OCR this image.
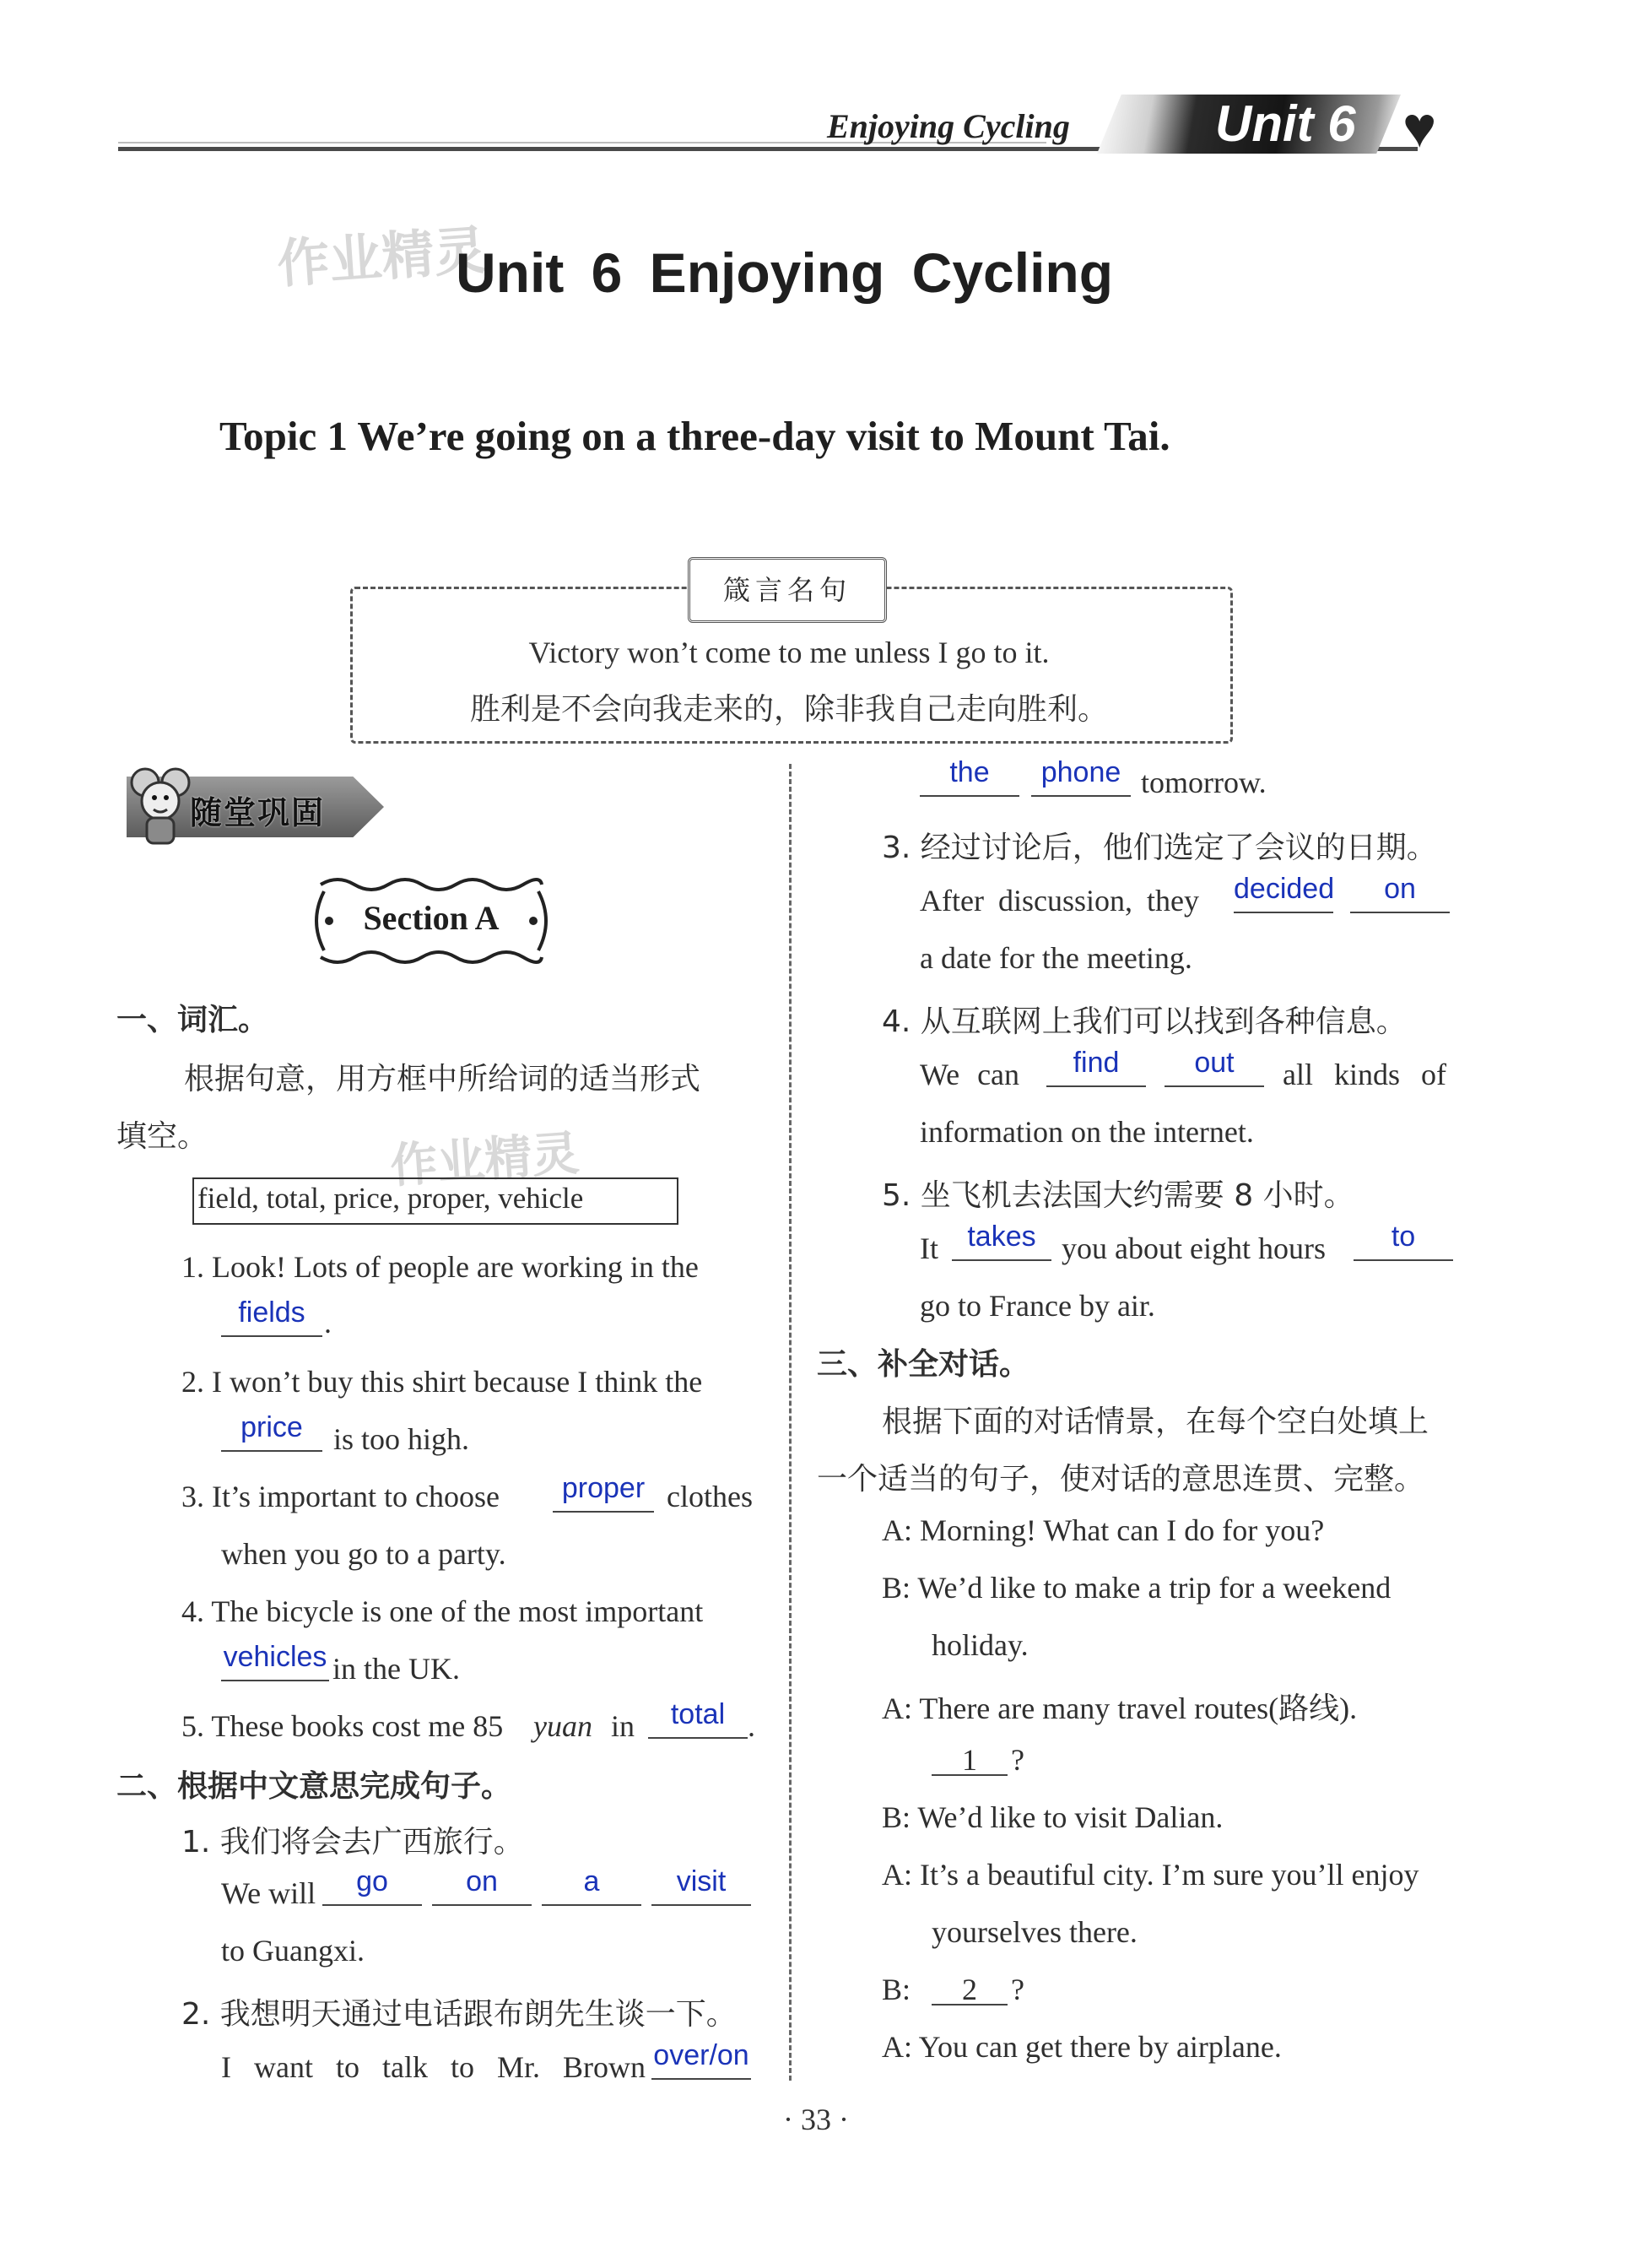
Enjoying Cycling	Unit 6 ♥
作业精灵
作业精灵
Unit 6 Enjoying Cycling
Topic 1 We’re going on a three-day visit to Mount Tai.
箴言名句
Victory won’t come to me unless I go to it.
胜利是不会向我走来的，除非我自己走向胜利。
随堂巩固
Section A
一、词汇。
根据句意，用方框中所给词的适当形式
填空。
field, total, price, proper, vehicle
1. Look! Lots of people are working in the
fields .
2. I won’t buy this shirt because I think the
price	is too high.
3. It’s important to choose	proper clothes
when you go to a party.
4. The bicycle is one of the most important
vehicles in the UK.
5. These books cost me 85 yuan in	total .
二、根据中文意思完成句子。
1. 我们将会去广西旅行。
We will	go	on	a	visit
to Guangxi.
2. 我想明天通过电话跟布朗先生谈一下。
I want to talk to Mr. Brown over/on
the	phone tomorrow.
3. 经过讨论后，他们选定了会议的日期。
After discussion, they decided	on
a date for the meeting.
4. 从互联网上我们可以找到各种信息。
We can	find	out	all kinds of
information on the internet.
5. 坐飞机去法国大约需要 8 小时。
It	takes you about eight hours	to
go to France by air.
三、补全对话。
根据下面的对话情景，在每个空白处填上
一个适当的句子，使对话的意思连贯、完整。
A: Morning! What can I do for you?
B: We’d like to make a trip for a weekend
holiday.
A: There are many travel routes(路线).
1	?
B: We’d like to visit Dalian.
A: It’s a beautiful city. I’m sure you’ll enjoy
yourselves there.
B:	2	?
A: You can get there by airplane.
· 33 ·
